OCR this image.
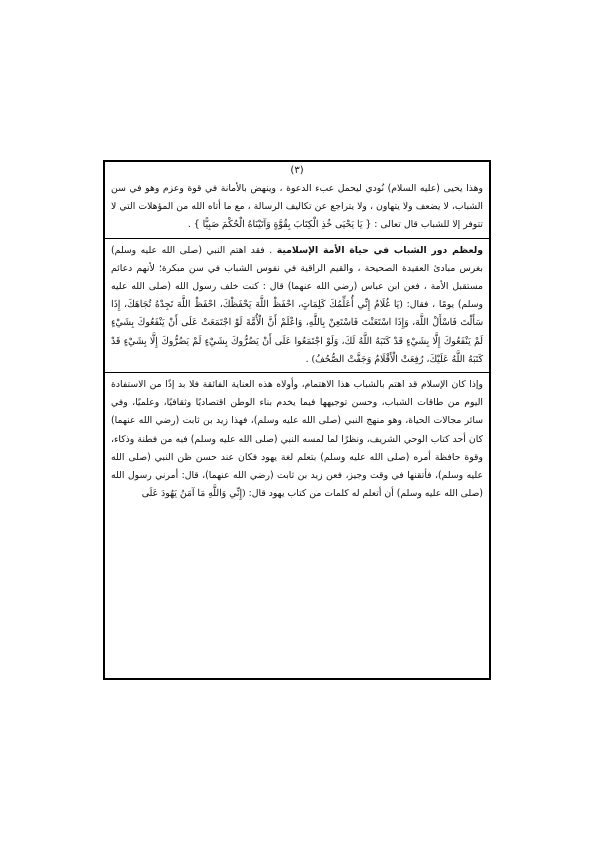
(٣)

وهذا يحيى (عليه السلام) نُودي ليحمل عبء الدعوة ، وينهض بالأمانة في قوة وعزم وهو في سن الشباب، لا يضعف ولا يتهاون ، ولا يتراجع عن تكاليف الرسالة ، مع ما أتاه الله من المؤهلات التي لا تتوفر إلا للشباب قال تعالى : { يَا يَحْيَى خُذِ الْكِتَابَ بِقُوَّةٍ وَآتَيْنَاهُ الْحُكْمَ صَبِيًّا } .

ولعظم دور الشباب في حياة الأمة الإسلامية . فقد اهتم النبي (صلى الله عليه وسلم) بغرس مبادئ العقيدة الصحيحة ، والقيم الراقية في نفوس الشباب في سن مبكرة؛ لأنهم دعائم مستقبل الأمة ، فعن ابن عباس (رضي الله عنهما) قال : كنت خلف رسول الله (صلى الله عليه وسلم) يومًا ، فقال: (يَا غُلَامُ إِنِّي أُعَلِّمُكَ كَلِمَاتٍ، احْفَظْ اللَّهَ يَحْفَظْكَ، احْفَظْ اللَّهَ تَجِدْهُ تُجَاهَكَ، إِذَا سَأَلْتَ فَاسْأَلْ اللَّهَ، وَإِذَا اسْتَعَنْتَ فَاسْتَعِنْ بِاللَّهِ، وَاعْلَمْ أَنَّ الْأُمَّةَ لَوْ اجْتَمَعَتْ عَلَى أَنْ يَنْفَعُوكَ بِشَيْءٍ لَمْ يَنْفَعُوكَ إِلَّا بِشَيْءٍ قَدْ كَتَبَهُ اللَّهُ لَكَ، وَلَوْ اجْتَمَعُوا عَلَى أَنْ يَضُرُّوكَ بِشَيْءٍ لَمْ يَضُرُّوكَ إِلَّا بِشَيْءٍ قَدْ كَتَبَهُ اللَّهُ عَلَيْكَ، رُفِعَتْ الْأَقْلَامُ وَجَفَّتْ الصُّحُفُ) .

وإذا كان الإسلام قد اهتم بالشباب هذا الاهتمام، وأولاه هذه العناية الفائقة فلا بد إذًا من الاستفادة اليوم من طاقات الشباب، وحسن توجيهها فيما يخدم بناء الوطن اقتصاديًا وثقافيًا، وعلميًا، وفي سائر مجالات الحياة، وهو منهج النبي (صلى الله عليه وسلم)، فهذا زيد بن ثابت (رضي الله عنهما) كان أحد كتاب الوحي الشريف، ونظرًا لما لمسه النبي (صلى الله عليه وسلم) فيه من فطنة وذكاء، وقوة حافظة أمره (صلى الله عليه وسلم) بتعلم لغة يهود فكان عند حسن ظن النبي (صلى الله عليه وسلم)، فأتقنها في وقت وجيز، فعن زيد بن ثابت (رضي الله عنهما)، قال: أمرني رسول الله (صلى الله عليه وسلم) أن أتعلم له كلمات من كتاب يهود قال: (إِنِّي وَاللَّهِ مَا آمَنُ يَهُودَ عَلَى
